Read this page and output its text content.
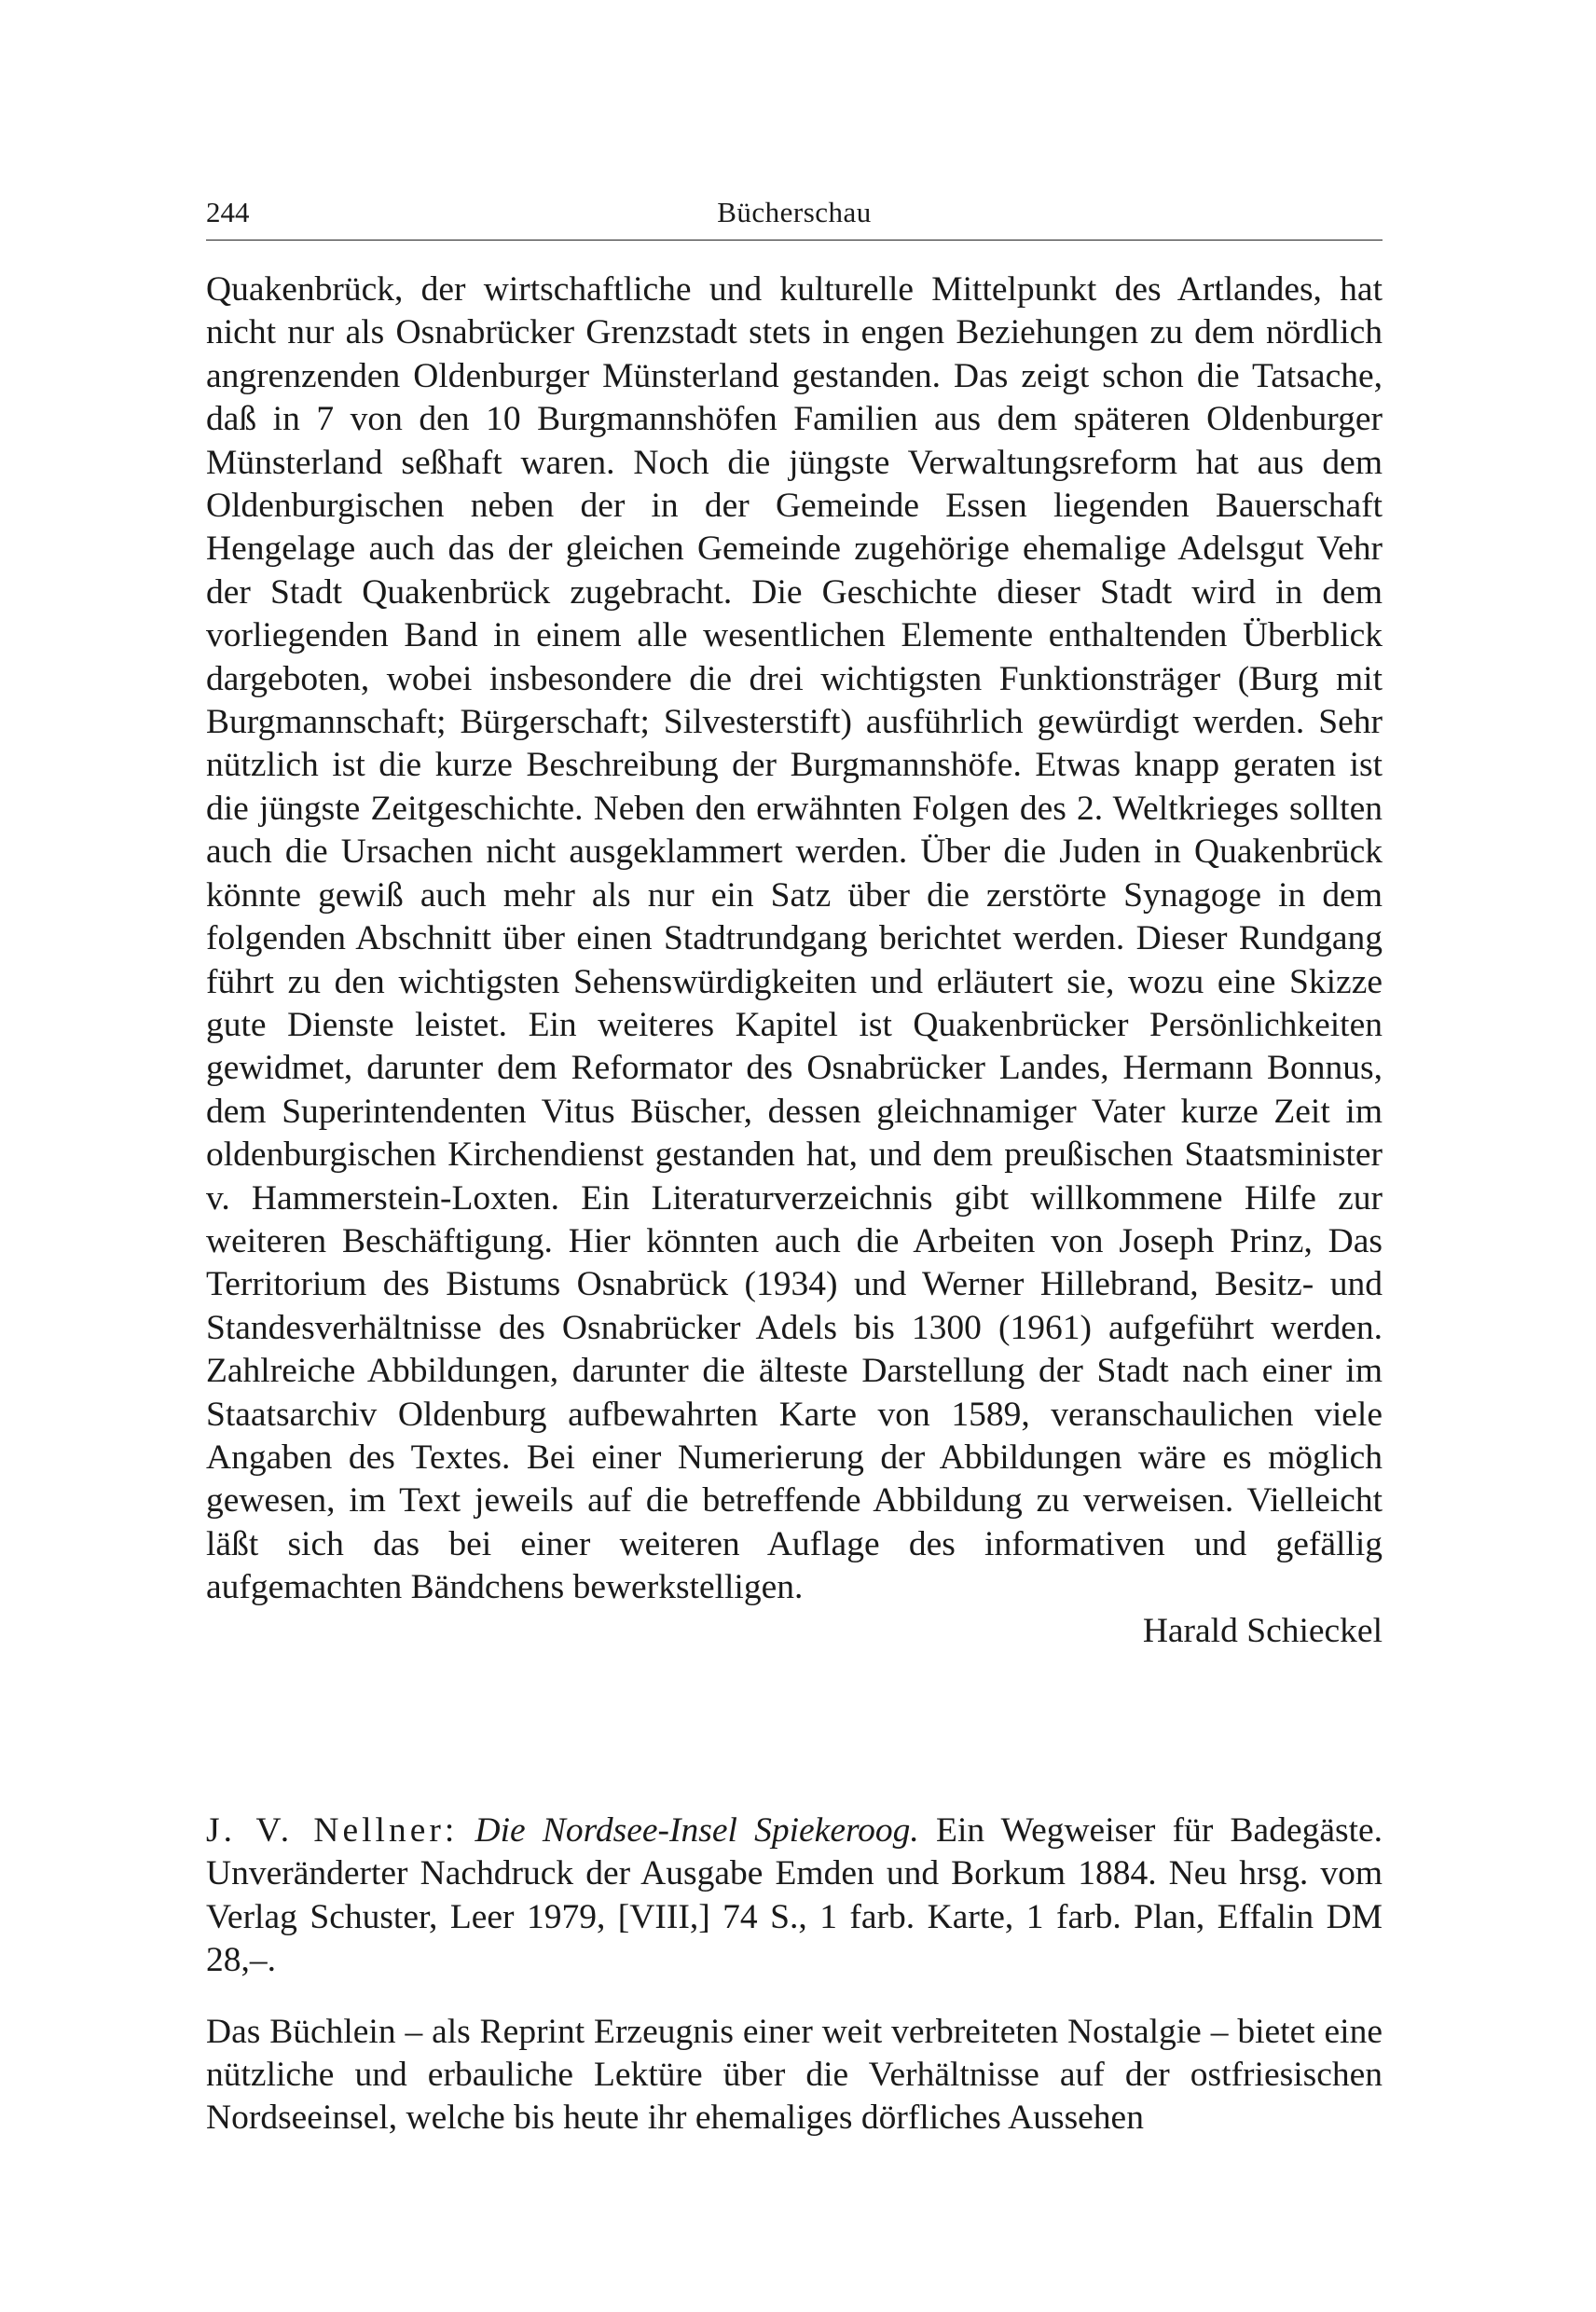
244	Bücherschau

Quakenbrück, der wirtschaftliche und kulturelle Mittelpunkt des Artlandes, hat nicht nur als Osnabrücker Grenzstadt stets in engen Beziehungen zu dem nördlich angrenzenden Oldenburger Münsterland gestanden. Das zeigt schon die Tatsache, daß in 7 von den 10 Burgmannshöfen Familien aus dem späteren Oldenburger Münsterland seßhaft waren. Noch die jüngste Verwaltungsreform hat aus dem Oldenburgischen neben der in der Gemeinde Essen liegenden Bauerschaft Hengelage auch das der gleichen Gemeinde zugehörige ehemalige Adelsgut Vehr der Stadt Quakenbrück zugebracht. Die Geschichte dieser Stadt wird in dem vorliegenden Band in einem alle wesentlichen Elemente enthaltenden Überblick dargeboten, wobei insbesondere die drei wichtigsten Funktionsträger (Burg mit Burgmannschaft; Bürgerschaft; Silvesterstift) ausführlich gewürdigt werden. Sehr nützlich ist die kurze Beschreibung der Burgmannshöfe. Etwas knapp geraten ist die jüngste Zeitgeschichte. Neben den erwähnten Folgen des 2. Weltkrieges sollten auch die Ursachen nicht ausgeklammert werden. Über die Juden in Quakenbrück könnte gewiß auch mehr als nur ein Satz über die zerstörte Synagoge in dem folgenden Abschnitt über einen Stadtrundgang berichtet werden. Dieser Rundgang führt zu den wichtigsten Sehenswürdigkeiten und erläutert sie, wozu eine Skizze gute Dienste leistet. Ein weiteres Kapitel ist Quakenbrücker Persönlichkeiten gewidmet, darunter dem Reformator des Osnabrücker Landes, Hermann Bonnus, dem Superintendenten Vitus Büscher, dessen gleichnamiger Vater kurze Zeit im oldenburgischen Kirchendienst gestanden hat, und dem preußischen Staatsminister v. Hammerstein-Loxten. Ein Literaturverzeichnis gibt willkommene Hilfe zur weiteren Beschäftigung. Hier könnten auch die Arbeiten von Joseph Prinz, Das Territorium des Bistums Osnabrück (1934) und Werner Hillebrand, Besitz- und Standesverhältnisse des Osnabrücker Adels bis 1300 (1961) aufgeführt werden. Zahlreiche Abbildungen, darunter die älteste Darstellung der Stadt nach einer im Staatsarchiv Oldenburg aufbewahrten Karte von 1589, veranschaulichen viele Angaben des Textes. Bei einer Numerierung der Abbildungen wäre es möglich gewesen, im Text jeweils auf die betreffende Abbildung zu verweisen. Vielleicht läßt sich das bei einer weiteren Auflage des informativen und gefällig aufgemachten Bändchens bewerkstelligen.

Harald Schieckel

J. V. Nellner: Die Nordsee-Insel Spiekeroog. Ein Wegweiser für Badegäste. Unveränderter Nachdruck der Ausgabe Emden und Borkum 1884. Neu hrsg. vom Verlag Schuster, Leer 1979, [VIII,] 74 S., 1 farb. Karte, 1 farb. Plan, Effalin DM 28,–.

Das Büchlein – als Reprint Erzeugnis einer weit verbreiteten Nostalgie – bietet eine nützliche und erbauliche Lektüre über die Verhältnisse auf der ostfriesischen Nordseeinsel, welche bis heute ihr ehemaliges dörfliches Aussehen
